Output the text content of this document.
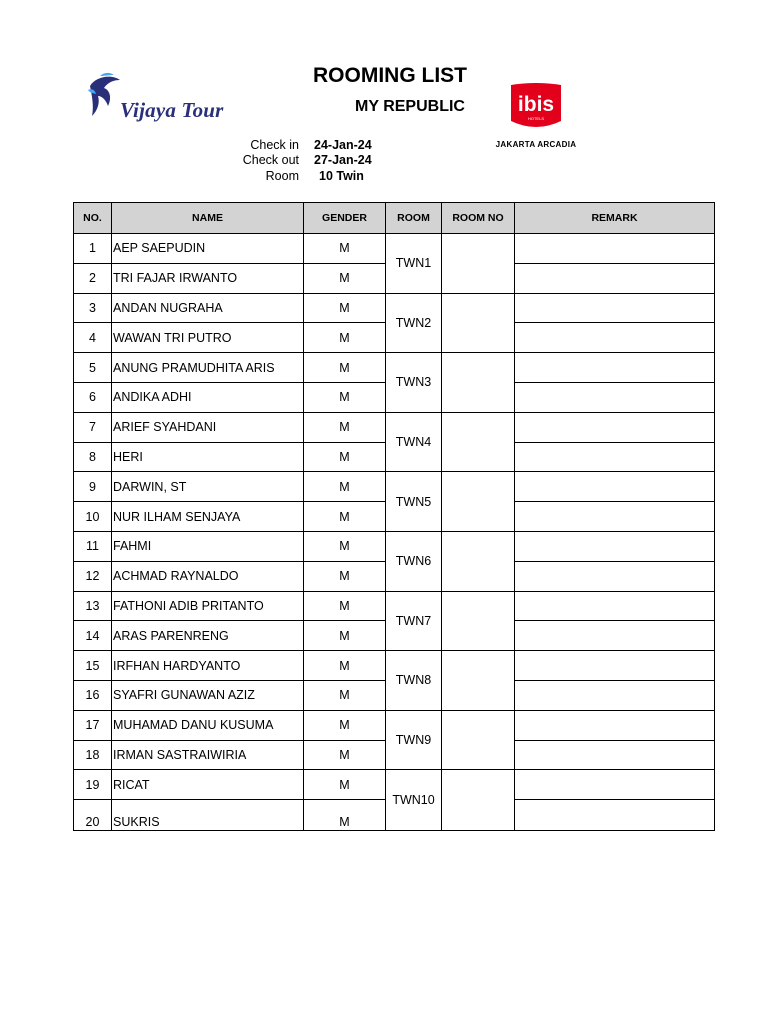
Vijaya Tour
ROOMING LIST
MY REPUBLIC	ibis
HOTELS
JAKARTA ARCADIA
Check in 24-Jan-24
Check out 27-Jan-24
Room 10 Twin
NO.	NAME	GENDER	ROOM	ROOM NO	REMARK
1	AEP SAEPUDIN	M	TWN1		
2	TRI FAJAR IRWANTO	M			
3	ANDAN NUGRAHA	M	TWN2		
4	WAWAN TRI PUTRO	M			
5	ANUNG PRAMUDHITA ARIS	M	TWN3		
6	ANDIKA ADHI	M			
7	ARIEF SYAHDANI	M	TWN4		
8	HERI	M			
9	DARWIN, ST	M	TWN5		
10	NUR ILHAM SENJAYA	M			
11	FAHMI	M	TWN6		
12	ACHMAD RAYNALDO	M			
13	FATHONI ADIB PRITANTO	M	TWN7		
14	ARAS PARENRENG	M			
15	IRFHAN HARDYANTO	M	TWN8		
16	SYAFRI GUNAWAN AZIZ	M			
17	MUHAMAD DANU KUSUMA	M	TWN9		
18	IRMAN SASTRAIWIRIA	M			
19	RICAT	M	TWN10		
20	SUKRIS	M			
